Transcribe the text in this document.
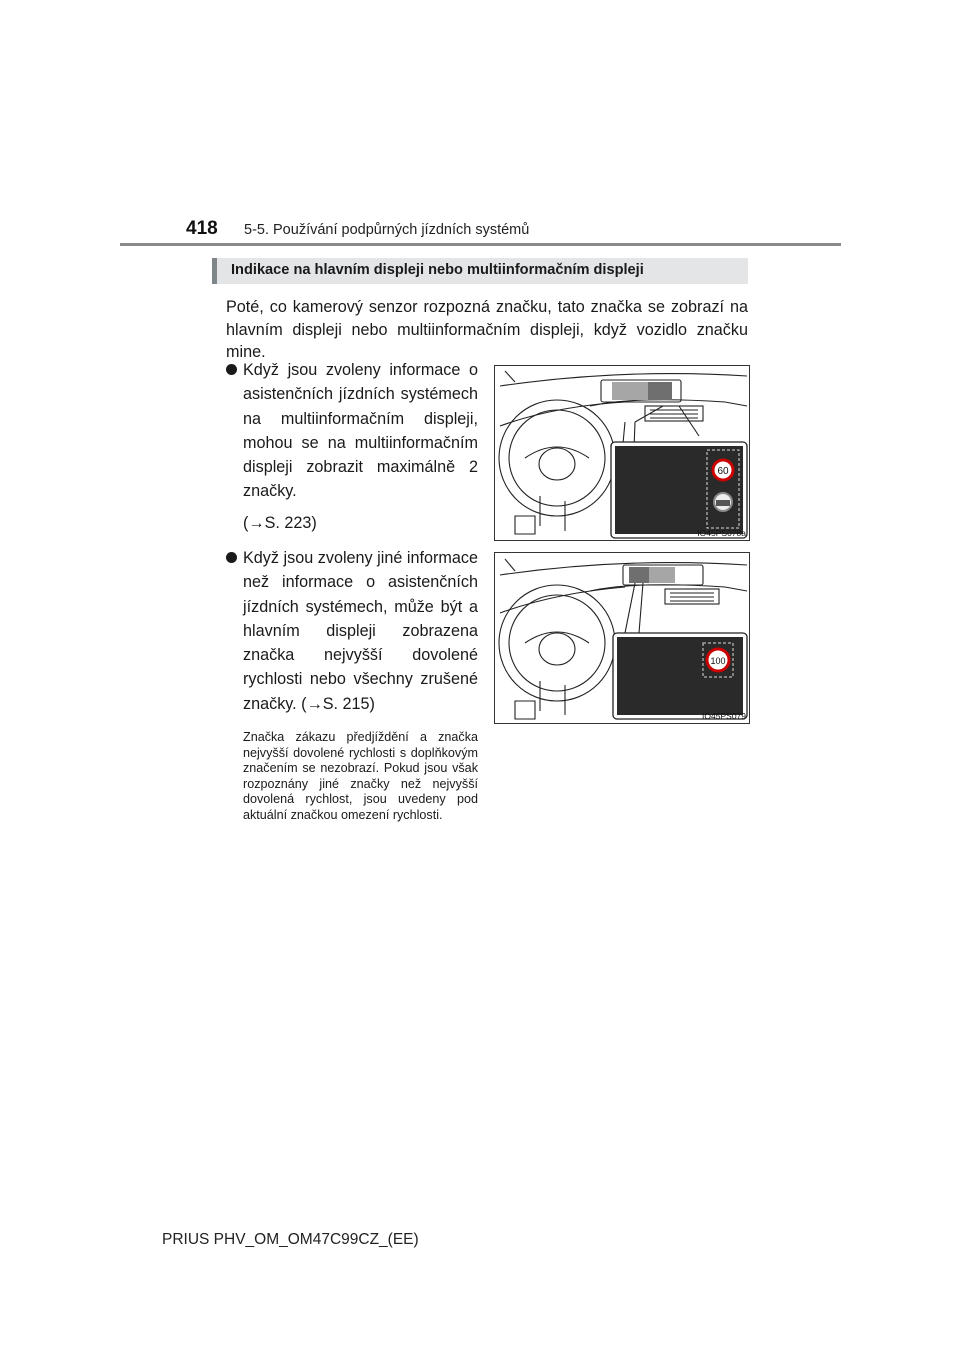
418 5-5. Používání podpůrných jízdních systémů
Indikace na hlavním displeji nebo multiinformačním displeji
Poté, co kamerový senzor rozpozná značku, tato značka se zobrazí na hlavním displeji nebo multiinformačním displeji, když vozidlo značku mine.
Když jsou zvoleny informace o asistenčních jízdních systémech na multiinformačním displeji, mohou se na multiinformačním displeji zobrazit maximálně 2 značky.
(→S. 223)
Když jsou zvoleny jiné informace než informace o asistenčních jízdních systémech, může být a hlavním displeji zobrazena značka nejvyšší dovolené rychlosti nebo všechny zrušené značky. (→S. 215)
Značka zákazu předjíždění a značka nejvyšší dovolené rychlosti s doplňkovým značením se nezobrazí. Pokud jsou však rozpoznány jiné značky než nejvyšší dovolená rychlost, jsou uvedeny pod aktuální značkou omezení rychlosti.
60
IO45PS078a
100
IO45PS079
PRIUS PHV_OM_OM47C99CZ_(EE)
